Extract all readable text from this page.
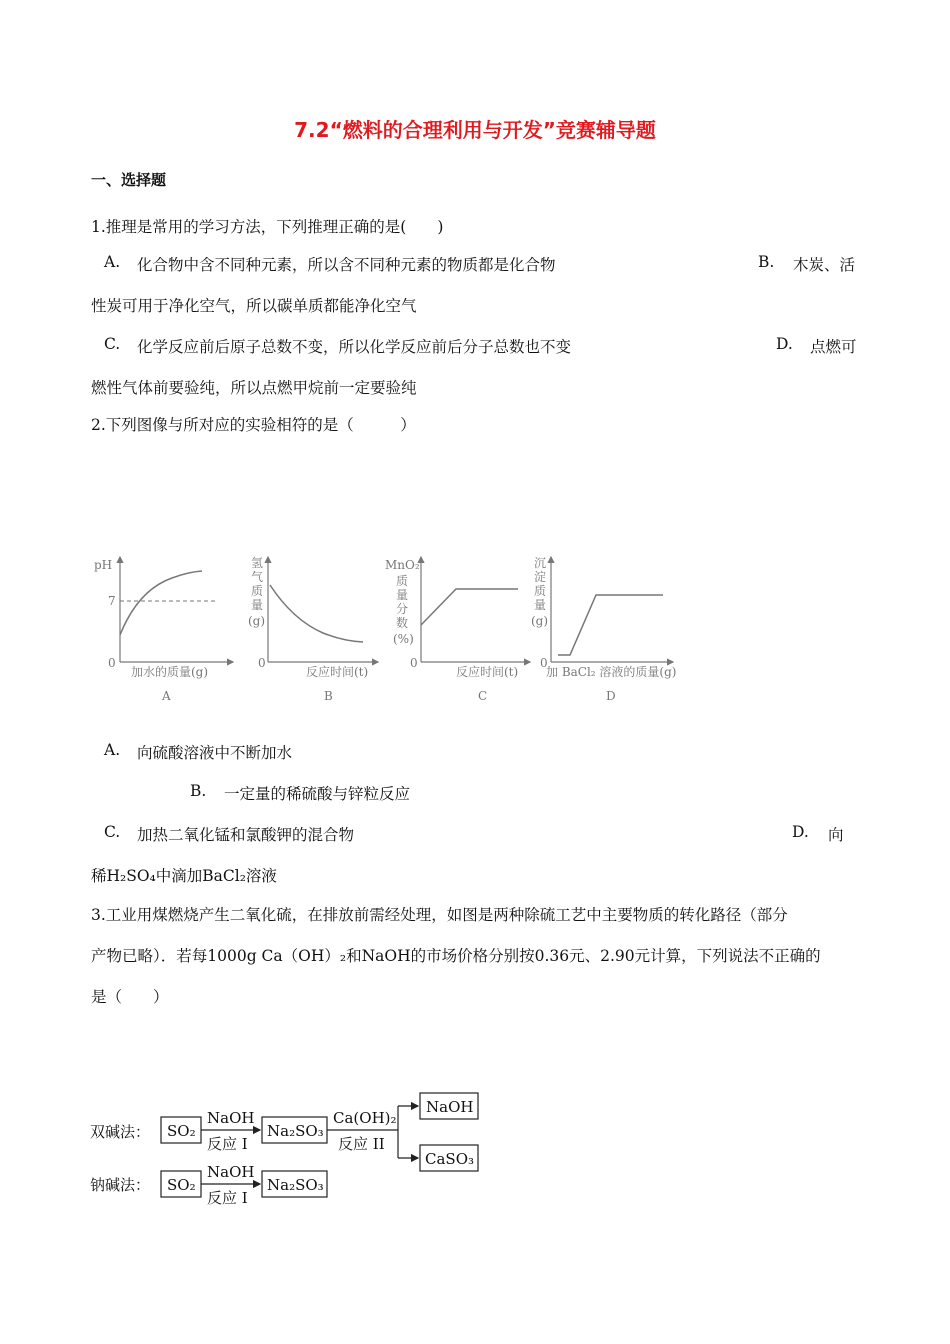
7.2“燃料的合理利用与开发”竞赛辅导题
一、选择题
1.推理是常用的学习方法，下列推理正确的是(　　)
A. 化合物中含不同种元素，所以含不同种元素的物质都是化合物	B. 木炭、活
性炭可用于净化空气，所以碳单质都能净化空气
C. 化学反应前后原子总数不变，所以化学反应前后分子总数也不变	D. 点燃可
燃性气体前要验纯，所以点燃甲烷前一定要验纯
2.下列图像与所对应的实验相符的是（　　　）
pH
7
0
加水的质量(g)
A
氢
气
质
量
(g)
0
反应时间(t)
B
MnO₂
质
量
分
数
(%)
0
反应时间(t)
C
沉
淀
质
量
(g)
0
加 BaCl₂ 溶液的质量(g)
D
A. 向硫酸溶液中不断加水
B. 一定量的稀硫酸与锌粒反应
C. 加热二氧化锰和氯酸钾的混合物	D. 向
稀H₂SO₄中滴加BaCl₂溶液
3.工业用煤燃烧产生二氧化硫，在排放前需经处理，如图是两种除硫工艺中主要物质的转化路径（部分
产物已略）．若每1000g Ca（OH）₂和NaOH的市场价格分别按0.36元、2.90元计算，下列说法不正确的
是（　　）
双碱法： SO₂
NaOH
反应 I
Na₂SO₃
Ca(OH)₂
反应 II
NaOH
CaSO₃
钠碱法： SO₂
NaOH
反应 I
Na₂SO₃
